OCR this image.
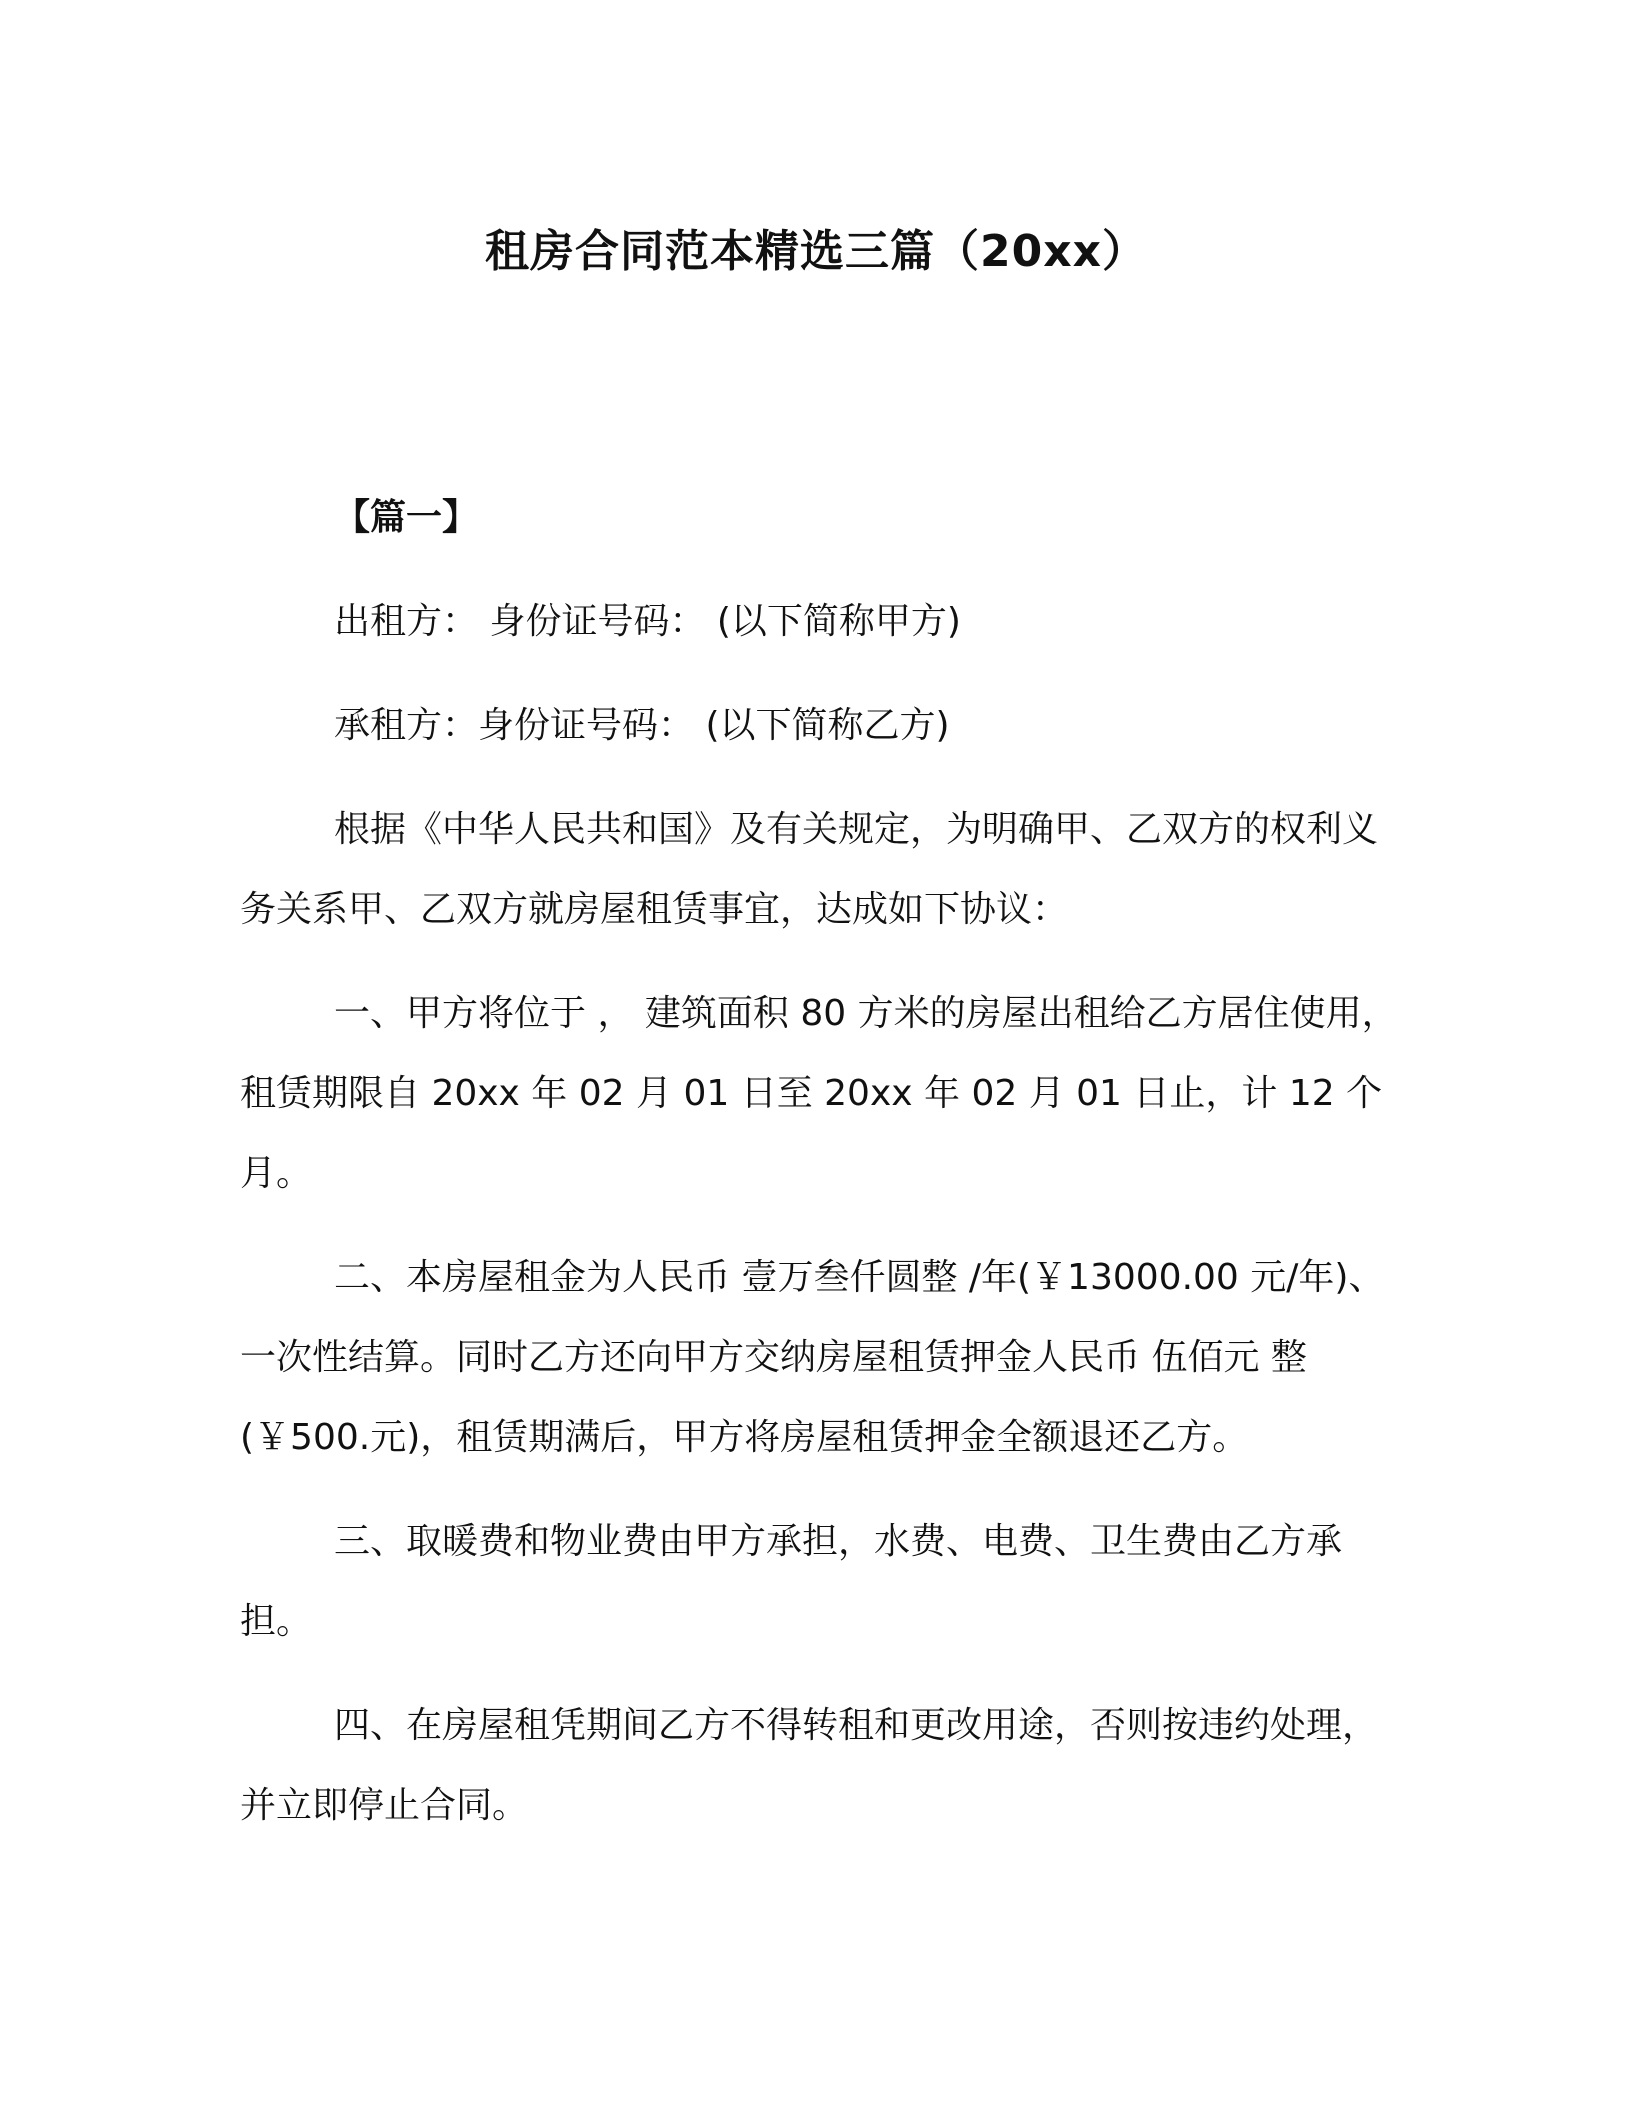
租房合同范本精选三篇（20xx）

【篇一】

出租方： 身份证号码： (以下简称甲方)

承租方：身份证号码： (以下简称乙方)

根据《中华人民共和国》及有关规定，为明确甲、乙双方的权利义务关系甲、乙双方就房屋租赁事宜，达成如下协议：

一、甲方将位于 ， 建筑面积 80 方米的房屋出租给乙方居住使用，租赁期限自 20xx 年 02 月 01 日至 20xx 年 02 月 01 日止，计 12 个月。

二、本房屋租金为人民币 壹万叁仟圆整 /年(￥13000.00 元/年)、一次性结算。同时乙方还向甲方交纳房屋租赁押金人民币 伍佰元 整 (￥500.元)，租赁期满后，甲方将房屋租赁押金全额退还乙方。

三、取暖费和物业费由甲方承担，水费、电费、卫生费由乙方承担。

四、在房屋租凭期间乙方不得转租和更改用途，否则按违约处理，并立即停止合同。
